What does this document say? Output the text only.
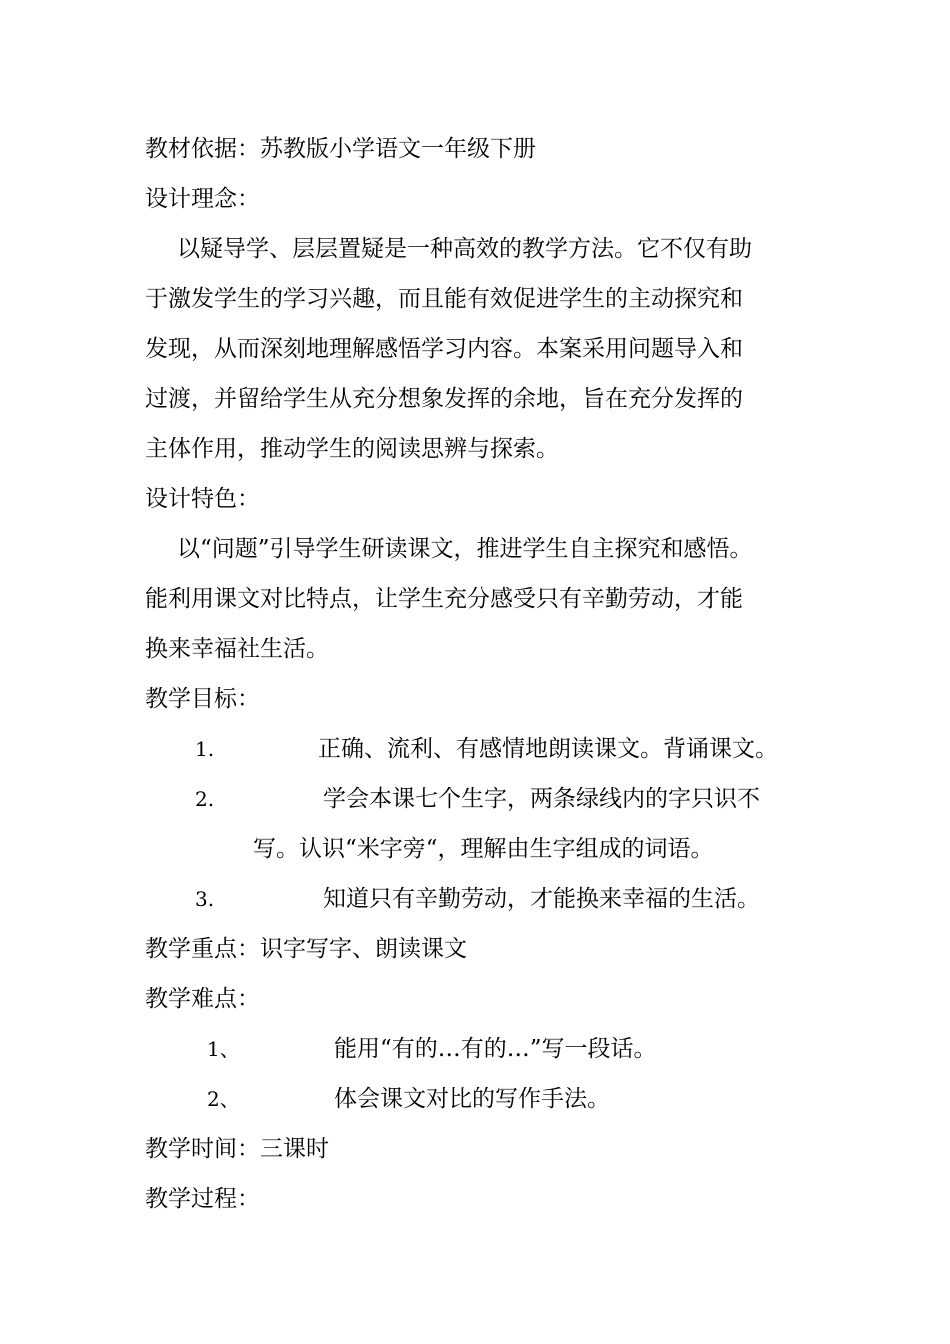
教材依据：苏教版小学语文一年级下册
设计理念：
以疑导学、层层置疑是一种高效的教学方法。它不仅有助
于激发学生的学习兴趣，而且能有效促进学生的主动探究和
发现，从而深刻地理解感悟学习内容。本案采用问题导入和
过渡，并留给学生从充分想象发挥的余地，旨在充分发挥的
主体作用，推动学生的阅读思辨与探索。
设计特色：
以“问题”引导学生研读课文，推进学生自主探究和感悟。
能利用课文对比特点，让学生充分感受只有辛勤劳动，才能
换来幸福社生活。
教学目标：
1.	正确、流利、有感情地朗读课文。背诵课文。
2.	学会本课七个生字，两条绿线内的字只识不
写。认识“米字旁“，理解由生字组成的词语。
3.	知道只有辛勤劳动，才能换来幸福的生活。
教学重点：识字写字、朗读课文
教学难点：
1、	能用“有的…有的…”写一段话。
2、	体会课文对比的写作手法。
教学时间：三课时
教学过程：
